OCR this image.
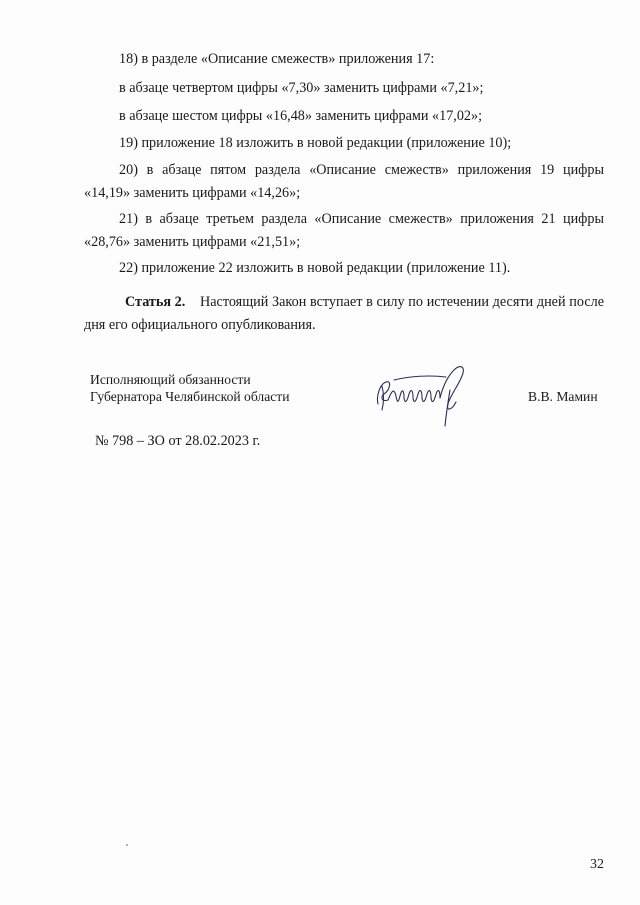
18) в разделе «Описание смежеств» приложения 17:
в абзаце четвертом цифры «7,30» заменить цифрами «7,21»;
в абзаце шестом цифры «16,48» заменить цифрами «17,02»;
19) приложение 18 изложить в новой редакции (приложение 10);
20) в абзаце пятом раздела «Описание смежеств» приложения 19 цифры
«14,19» заменить цифрами «14,26»;
21) в абзаце третьем раздела «Описание смежеств» приложения 21 цифры
«28,76» заменить цифрами «21,51»;
22) приложение 22 изложить в новой редакции (приложение 11).
Статья 2. Настоящий Закон вступает в силу по истечении десяти дней после
дня его официального опубликования.
Исполняющий обязанности
Губернатора Челябинской области	В.В. Мамин
№ 798 – ЗО от 28.02.2023 г.
32
